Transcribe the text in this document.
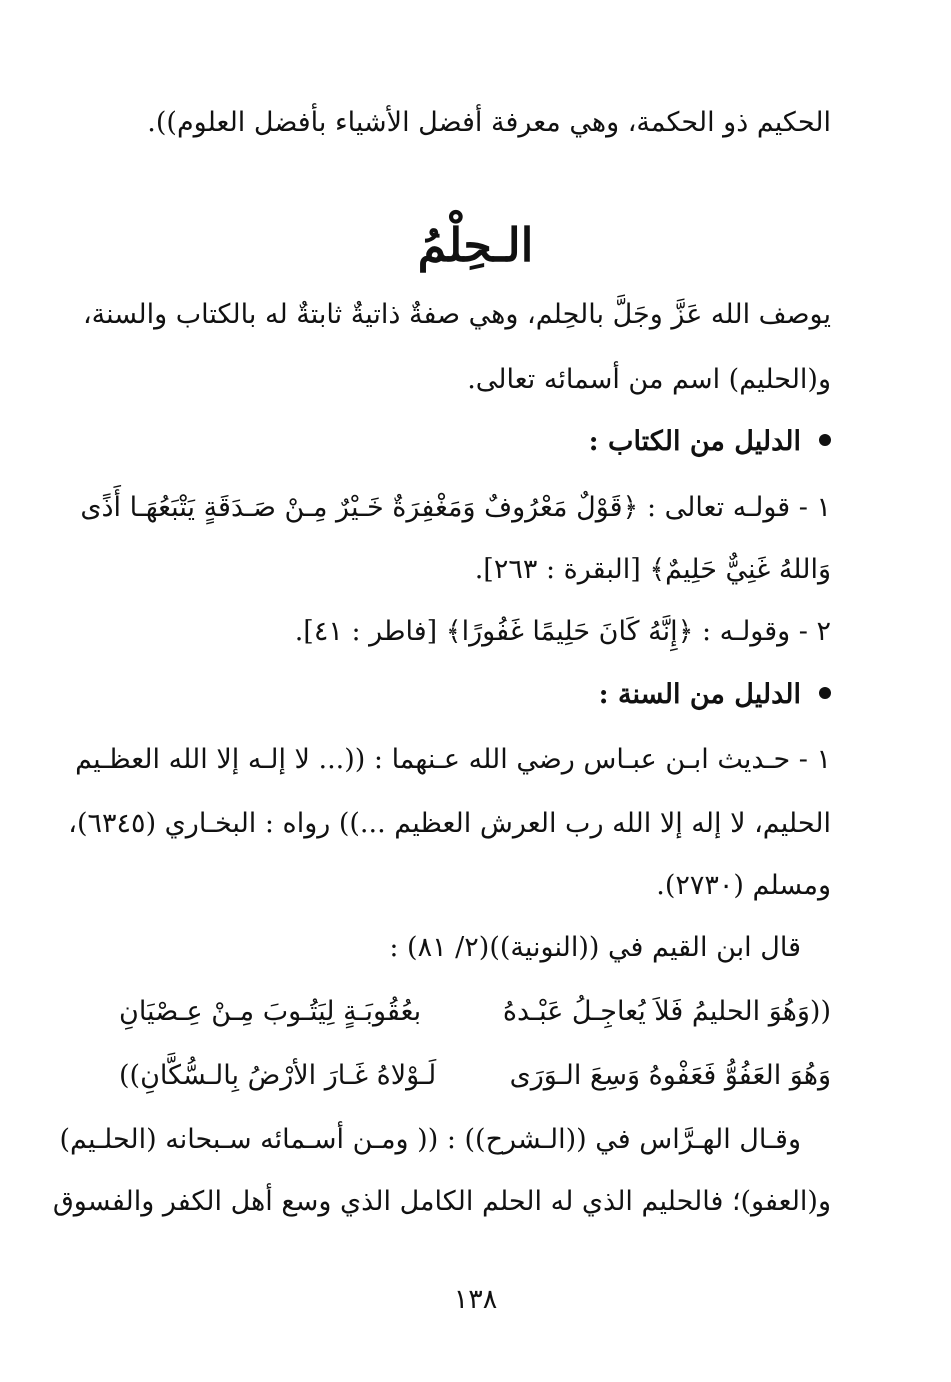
الحكيم ذو الحكمة، وهي معرفة أفضل الأشياء بأفضل العلوم)).
الـحِلْمُ
يوصف الله عَزَّ وجَلَّ بالحِلم، وهي صفةٌ ذاتيةٌ ثابتةٌ له بالكتاب والسنة،
و(الحليم) اسم من أسمائه تعالى.
الدليل من الكتاب :
١ - قولـه تعالى : ﴿قَوْلٌ مَعْرُوفٌ وَمَغْفِرَةٌ خَـيْرٌ مِـنْ صَـدَقَةٍ يَتْبَعُهَـا أَذًى
وَاللهُ غَنِيٌّ حَلِيمٌ﴾ [البقرة : ٢٦٣].
٢ - وقولـه : ﴿إِنَّهُ كَانَ حَلِيمًا غَفُورًا﴾ [فاطر : ٤١].
الدليل من السنة :
١ - حـديث ابـن عبـاس رضي الله عـنهما : ((... لا إلـه إلا الله العظـيم
الحليم، لا إله إلا الله رب العرش العظيم ...)) رواه : البخـاري (٦٣٤٥)،
ومسلم (٢٧٣٠).
قال ابن القيم في ((النونية))(٢/ ٨١) :
((وَهُوَ الحليمُ فَلاَ يُعاجِـلُ عَبْـدهُ
بعُقُوبَـةٍ لِيَتُـوبَ مِـنْ عِـصْيَانِ
وَهُوَ العَفُوُّ فَعَفْوهُ وَسِعَ الـوَرَى
لَـوْلاهُ غَـارَ الأرْضُ بِالـسُّكَّانِ))
وقـال الهـرَّاس في ((الـشرح)) : (( ومـن أسـمائه سـبحانه (الحلـيم)
و(العفو)؛ فالحليم الذي له الحلم الكامل الذي وسع أهل الكفر والفسوق
١٣٨
